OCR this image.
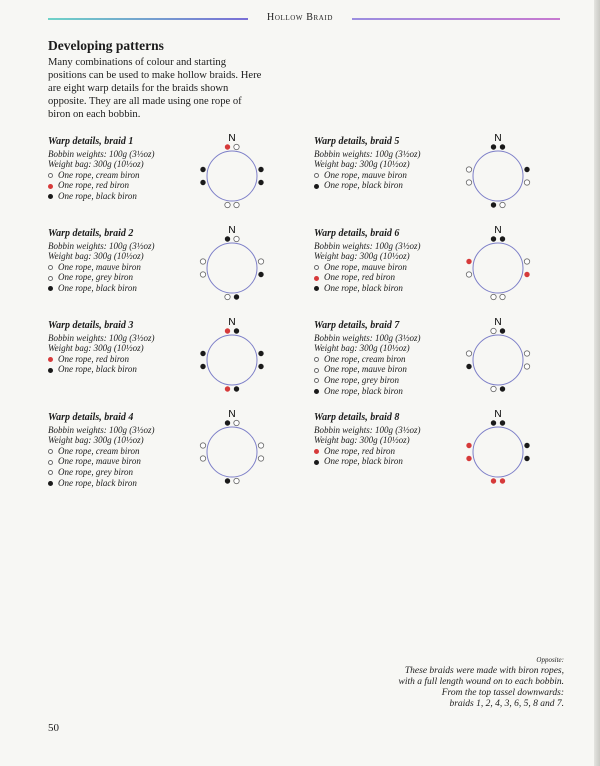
Hollow Braid
Developing patterns
Many combinations of colour and starting
positions can be used to make hollow braids. Here
are eight warp details for the braids shown
opposite. They are all made using one rope of
biron on each bobbin.
Warp details, braid 1
Bobbin weights: 100g (3½oz)
Weight bag: 300g (10½oz)
One rope, cream biron
One rope, red biron
One rope, black biron
N
Warp details, braid 2
Bobbin weights: 100g (3½oz)
Weight bag: 300g (10½oz)
One rope, mauve biron
One rope, grey biron
One rope, black biron
N
Warp details, braid 3
Bobbin weights: 100g (3½oz)
Weight bag: 300g (10½oz)
One rope, red biron
One rope, black biron
N
Warp details, braid 4
Bobbin weights: 100g (3½oz)
Weight bag: 300g (10½oz)
One rope, cream biron
One rope, mauve biron
One rope, grey biron
One rope, black biron
N
Warp details, braid 5
Bobbin weights: 100g (3½oz)
Weight bag: 300g (10½oz)
One rope, mauve biron
One rope, black biron
N
Warp details, braid 6
Bobbin weights: 100g (3½oz)
Weight bag: 300g (10½oz)
One rope, mauve biron
One rope, red biron
One rope, black biron
N
Warp details, braid 7
Bobbin weights: 100g (3½oz)
Weight bag: 300g (10½oz)
One rope, cream biron
One rope, mauve biron
One rope, grey biron
One rope, black biron
N
Warp details, braid 8
Bobbin weights: 100g (3½oz)
Weight bag: 300g (10½oz)
One rope, red biron
One rope, black biron
N
Opposite:
These braids were made with biron ropes,
with a full length wound on to each bobbin.
From the top tassel downwards:
braids 1, 2, 4, 3, 6, 5, 8 and 7.
50
